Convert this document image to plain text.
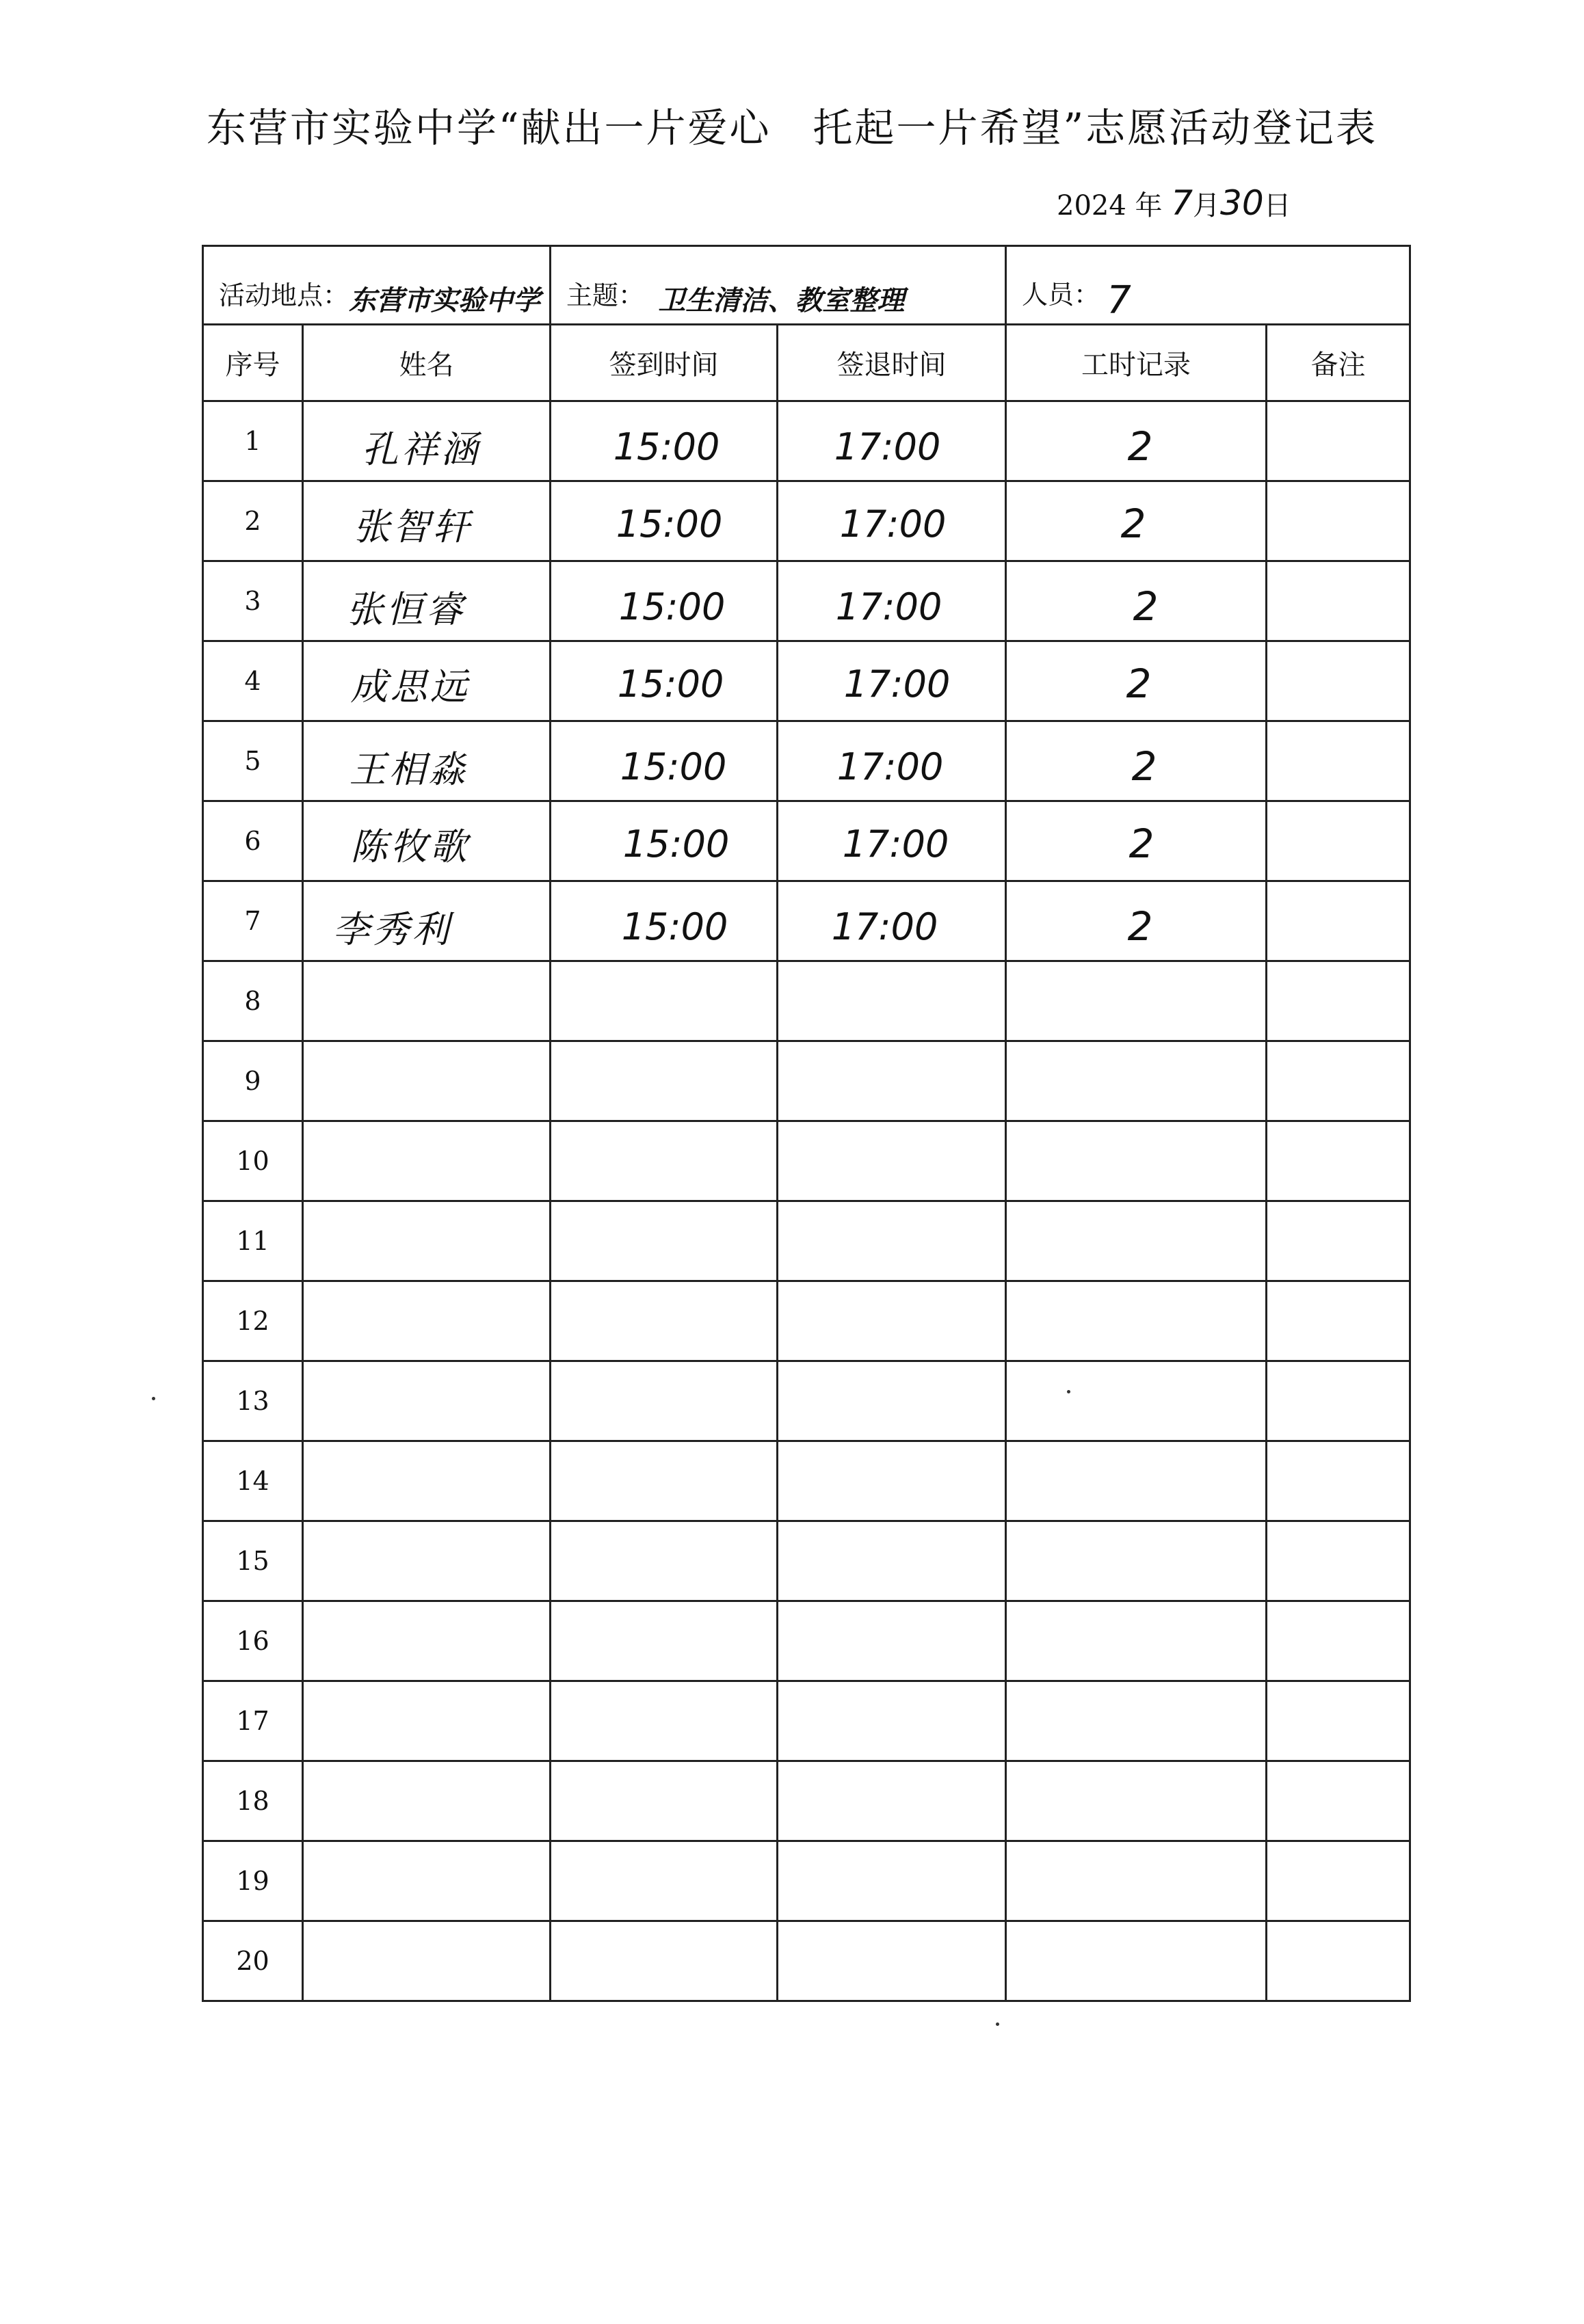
东营市实验中学“献出一片爱心　托起一片希望”志愿活动登记表
2024 年 7月30日
活动地点：东营市实验中学		主题： 卫生清洁、教室整理		人员： 7	
序号	姓名	签到时间	签退时间	工时记录	备注
1	孔祥涵	15:00	17:00	2	
2	张智轩	15:00	17:00	2	
3	张恒睿	15:00	17:00	2	
4	成思远	15:00	17:00	2	
5	王相淼	15:00	17:00	2	
6	陈牧歌	15:00	17:00	2	
7	李秀利	15:00	17:00	2	
8					
9					
10					
11					
12					
13					
14					
15					
16					
17					
18					
19					
20					
